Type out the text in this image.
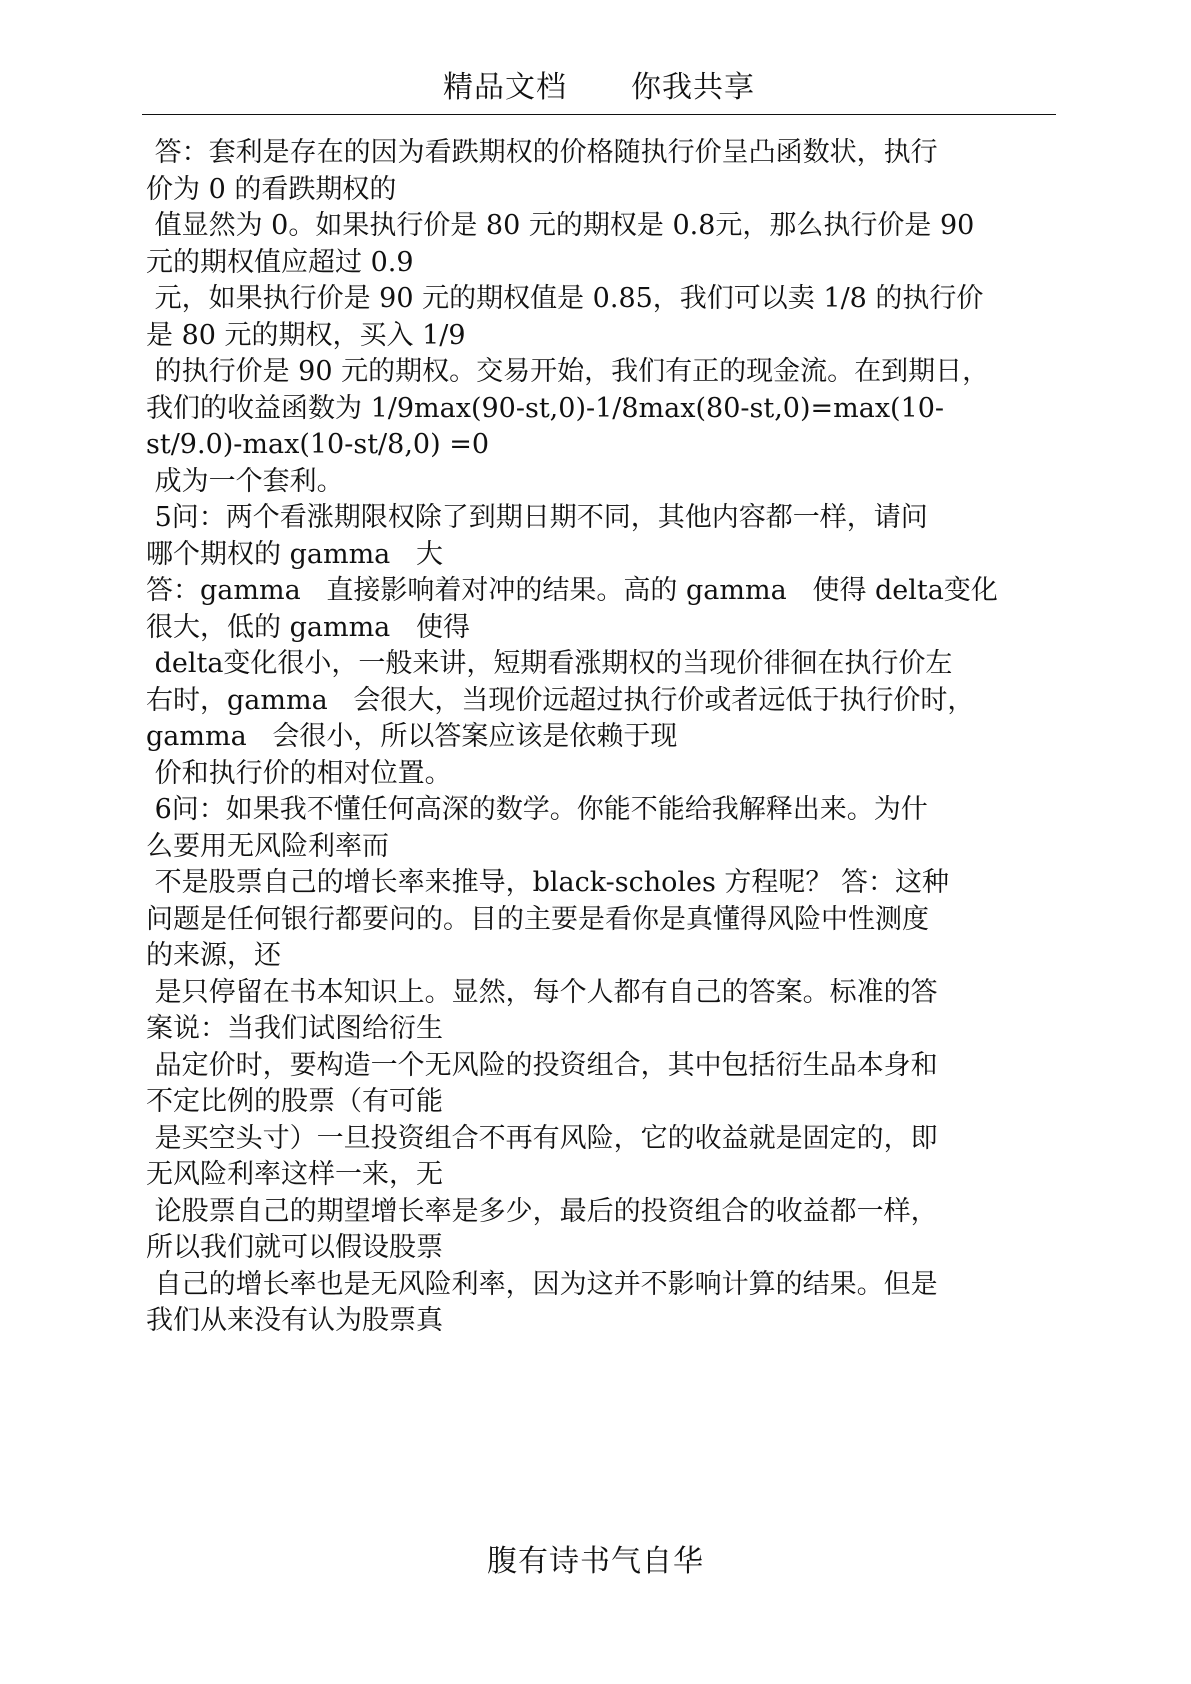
精品文档 你我共享
答：套利是存在的因为看跌期权的价格随执行价呈凸函数状，执行
价为 0 的看跌期权的
值显然为 0。如果执行价是 80 元的期权是 0.8元，那么执行价是 90
元的期权值应超过 0.9
元，如果执行价是 90 元的期权值是 0.85，我们可以卖 1/8 的执行价
是 80 元的期权，买入 1/9
的执行价是 90 元的期权。交易开始，我们有正的现金流。在到期日，
我们的收益函数为 1/9max(90-st,0)-1/8max(80-st,0)=max(10-
st/9.0)-max(10-st/8,0) =0
成为一个套利。
5问：两个看涨期限权除了到期日期不同，其他内容都一样，请问
哪个期权的 gamma   大
答：gamma   直接影响着对冲的结果。高的 gamma   使得 delta变化
很大，低的 gamma   使得
delta变化很小，一般来讲，短期看涨期权的当现价徘徊在执行价左
右时，gamma   会很大，当现价远超过执行价或者远低于执行价时，
gamma   会很小，所以答案应该是依赖于现
价和执行价的相对位置。
6问：如果我不懂任何高深的数学。你能不能给我解释出来。为什
么要用无风险利率而
不是股票自己的增长率来推导，black-scholes 方程呢？ 答：这种
问题是任何银行都要问的。目的主要是看你是真懂得风险中性测度
的来源，还
是只停留在书本知识上。显然，每个人都有自己的答案。标准的答
案说：当我们试图给衍生
品定价时，要构造一个无风险的投资组合，其中包括衍生品本身和
不定比例的股票（有可能
是买空头寸）一旦投资组合不再有风险，它的收益就是固定的，即
无风险利率这样一来，无
论股票自己的期望增长率是多少，最后的投资组合的收益都一样，
所以我们就可以假设股票
自己的增长率也是无风险利率，因为这并不影响计算的结果。但是
我们从来没有认为股票真
腹有诗书气自华
